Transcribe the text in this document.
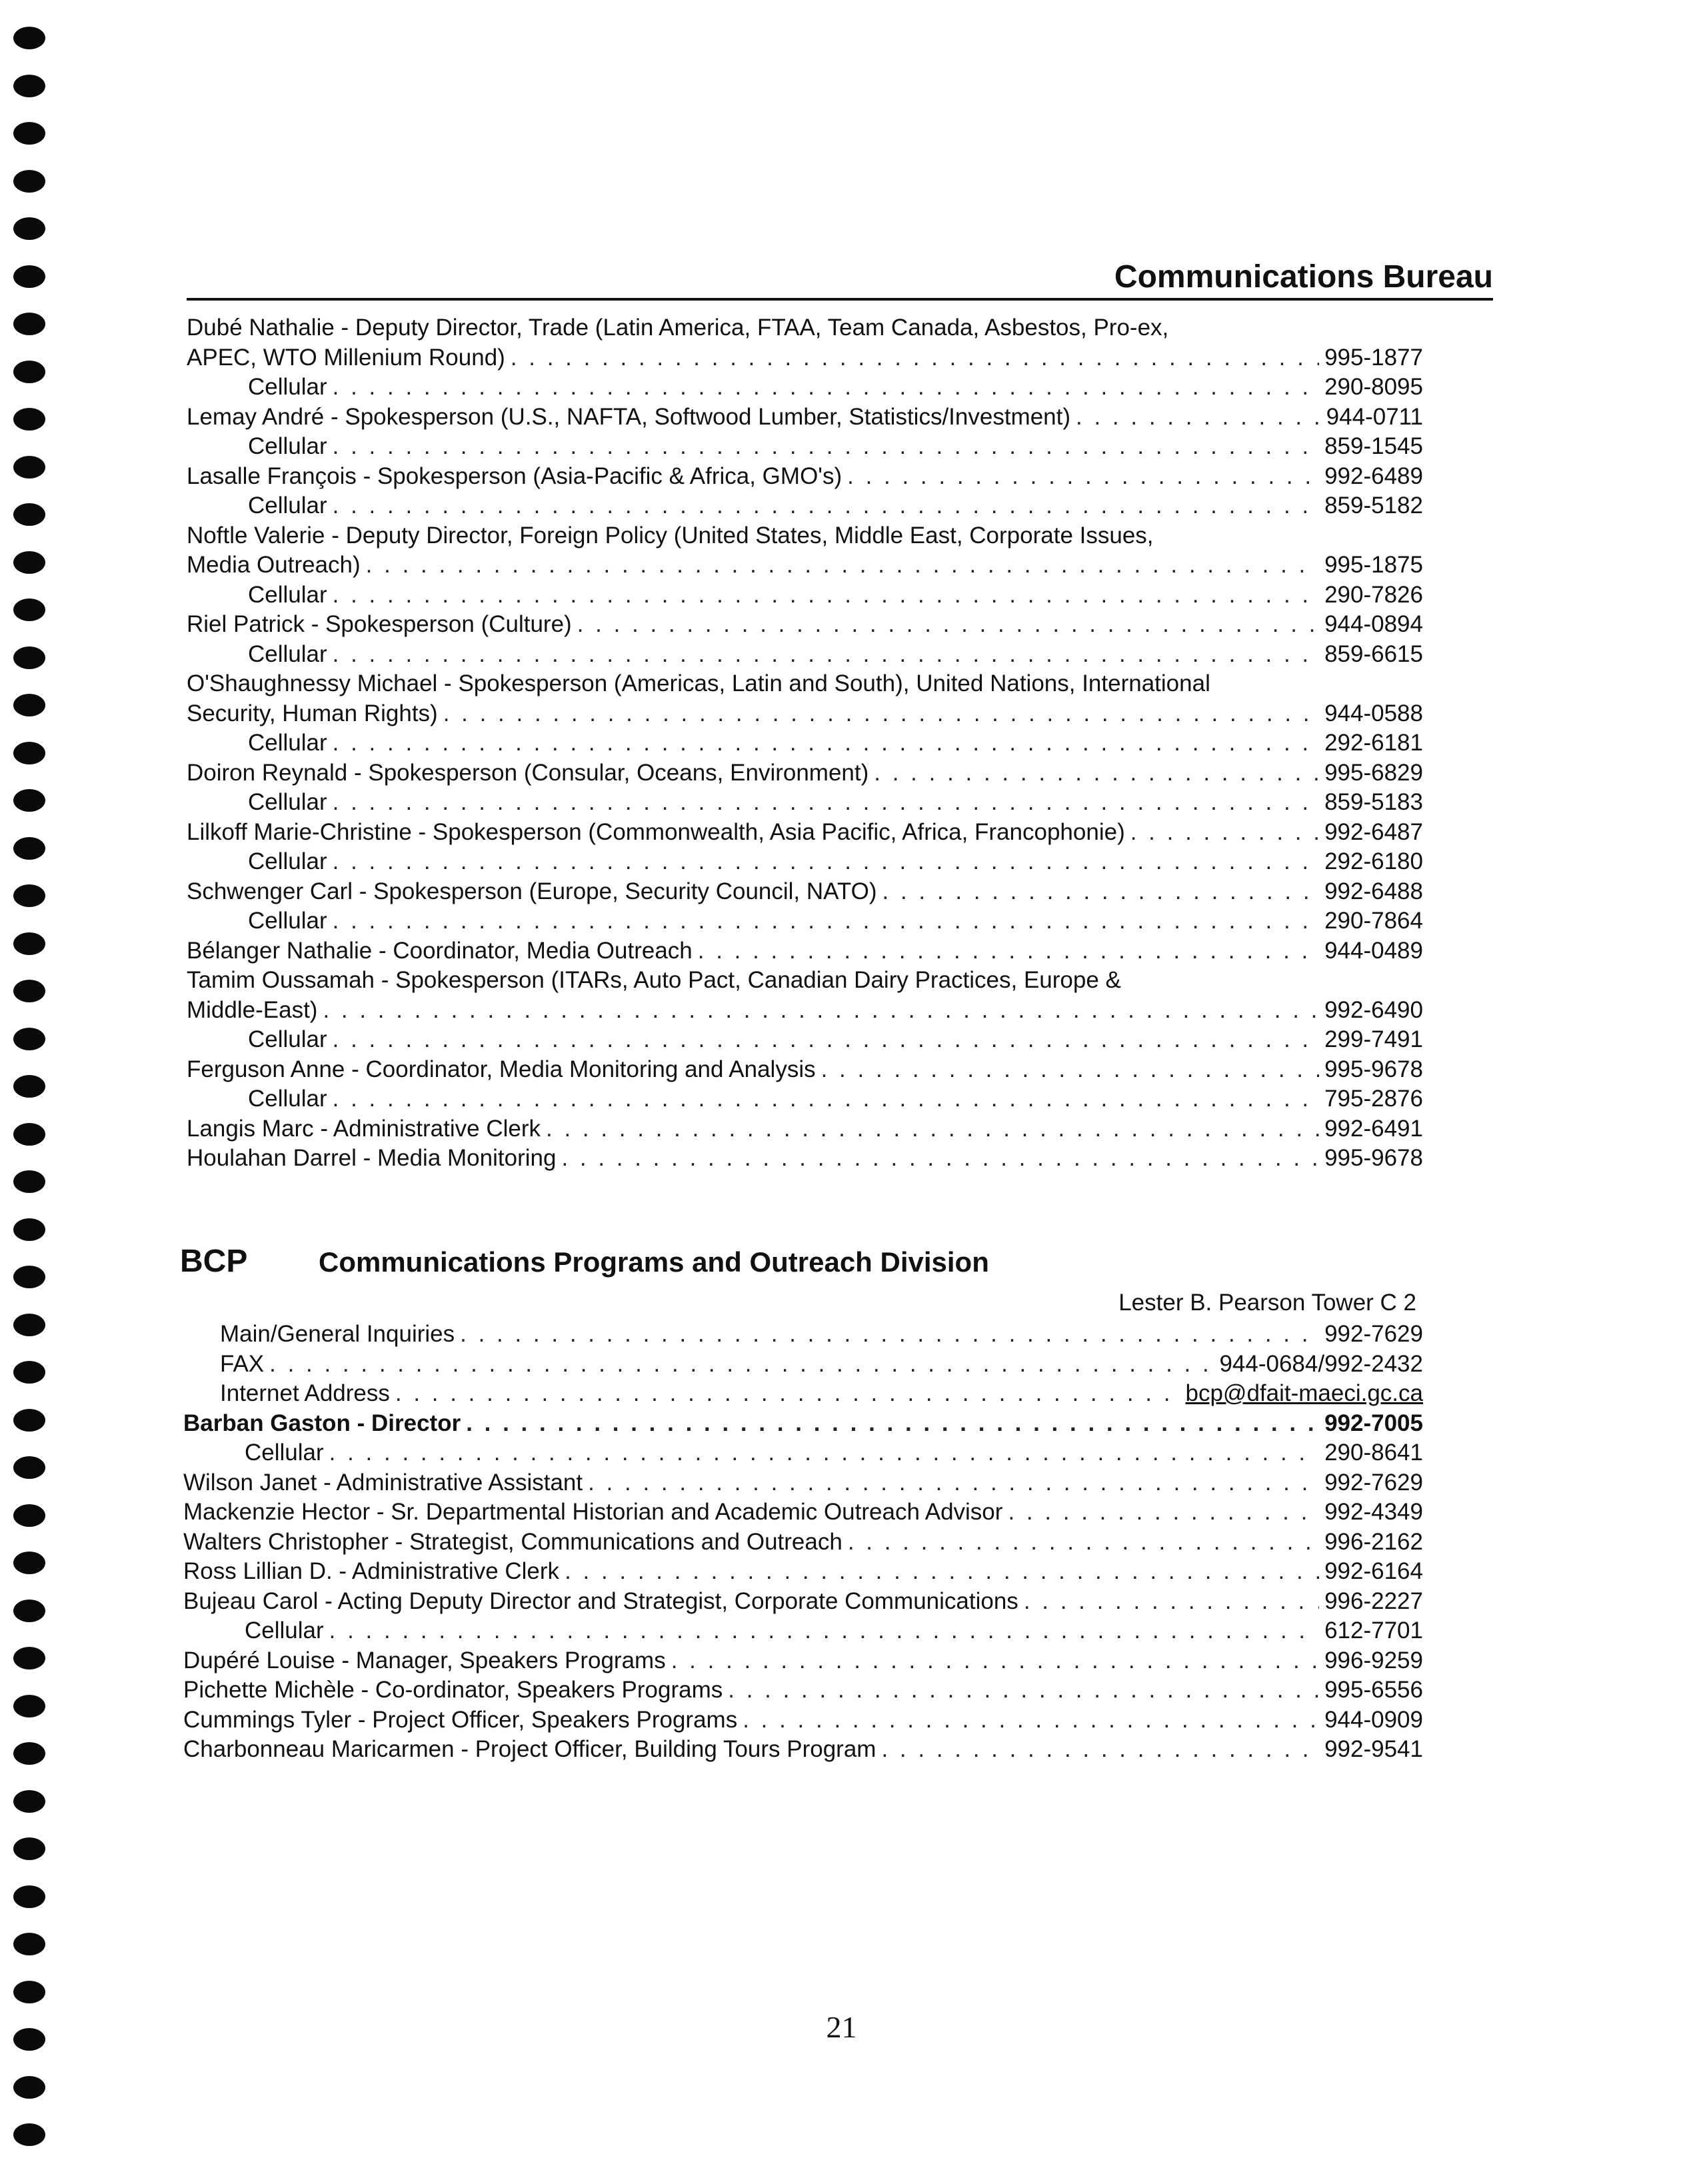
Communications Bureau
Dubé Nathalie - Deputy Director, Trade (Latin America, FTAA, Team Canada, Asbestos, Pro-ex,
APEC, WTO Millenium Round) . . .	995-1877
Cellular . . .	290-8095
Lemay André - Spokesperson (U.S., NAFTA, Softwood Lumber, Statistics/Investment) . . .	944-0711
Cellular . . .	859-1545
Lasalle François - Spokesperson (Asia-Pacific & Africa, GMO's) . . .	992-6489
Cellular . . .	859-5182
Noftle Valerie - Deputy Director, Foreign Policy (United States, Middle East, Corporate Issues,
Media Outreach) . . .	995-1875
Cellular . . .	290-7826
Riel Patrick - Spokesperson (Culture) . . .	944-0894
Cellular . . .	859-6615
O'Shaughnessy Michael - Spokesperson (Americas, Latin and South), United Nations, International
Security, Human Rights) . . .	944-0588
Cellular . . .	292-6181
Doiron Reynald - Spokesperson (Consular, Oceans, Environment) . . .	995-6829
Cellular . . .	859-5183
Lilkoff Marie-Christine - Spokesperson (Commonwealth, Asia Pacific, Africa, Francophonie) . . .	992-6487
Cellular . . .	292-6180
Schwenger Carl - Spokesperson (Europe, Security Council, NATO) . . .	992-6488
Cellular . . .	290-7864
Bélanger Nathalie - Coordinator, Media Outreach . . .	944-0489
Tamim Oussamah - Spokesperson (ITARs, Auto Pact, Canadian Dairy Practices, Europe &
Middle-East) . . .	992-6490
Cellular . . .	299-7491
Ferguson Anne - Coordinator, Media Monitoring and Analysis . . .	995-9678
Cellular . . .	795-2876
Langis Marc - Administrative Clerk . . .	992-6491
Houlahan Darrel - Media Monitoring . . .	995-9678
BCP	Communications Programs and Outreach Division
Lester B. Pearson Tower C 2
Main/General Inquiries . . .	992-7629
FAX . . .	944-0684/992-2432
Internet Address . . .	bcp@dfait-maeci.gc.ca
Barban Gaston - Director . . .	992-7005
Cellular . . .	290-8641
Wilson Janet - Administrative Assistant . . .	992-7629
Mackenzie Hector - Sr. Departmental Historian and Academic Outreach Advisor . . .	992-4349
Walters Christopher - Strategist, Communications and Outreach . . .	996-2162
Ross Lillian D. - Administrative Clerk . . .	992-6164
Bujeau Carol - Acting Deputy Director and Strategist, Corporate Communications . . .	996-2227
Cellular . . .	612-7701
Dupéré Louise - Manager, Speakers Programs . . .	996-9259
Pichette Michèle - Co-ordinator, Speakers Programs . . .	995-6556
Cummings Tyler - Project Officer, Speakers Programs . . .	944-0909
Charbonneau Maricarmen - Project Officer, Building Tours Program . . .	992-9541
21
